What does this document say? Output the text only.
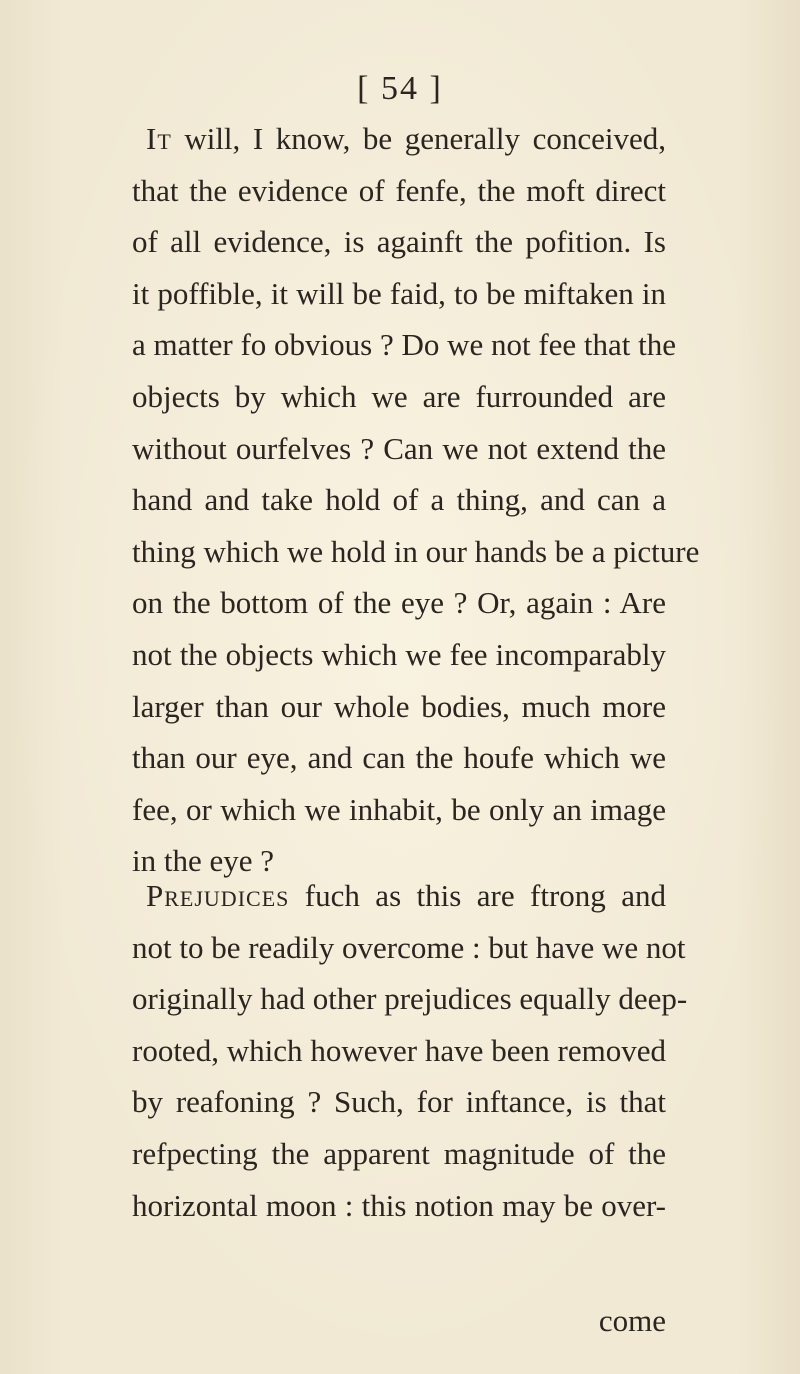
[ 54 ]
It will, I know, be generally conceived,
that the evidence of fenfe, the moft direct
of all evidence, is againft the pofition. Is
it poffible, it will be faid, to be miftaken in
a matter fo obvious ? Do we not fee that the
objects by which we are furrounded are
without ourfelves ? Can we not extend the
hand and take hold of a thing, and can a
thing which we hold in our hands be a picture
on the bottom of the eye ? Or, again : Are
not the objects which we fee incomparably
larger than our whole bodies, much more
than our eye, and can the houfe which we
fee, or which we inhabit, be only an image
in the eye ?
Prejudices fuch as this are ftrong and
not to be readily overcome : but have we not
originally had other prejudices equally deep-
rooted, which however have been removed
by reafoning ? Such, for inftance, is that
refpecting the apparent magnitude of the
horizontal moon : this notion may be over-
come
